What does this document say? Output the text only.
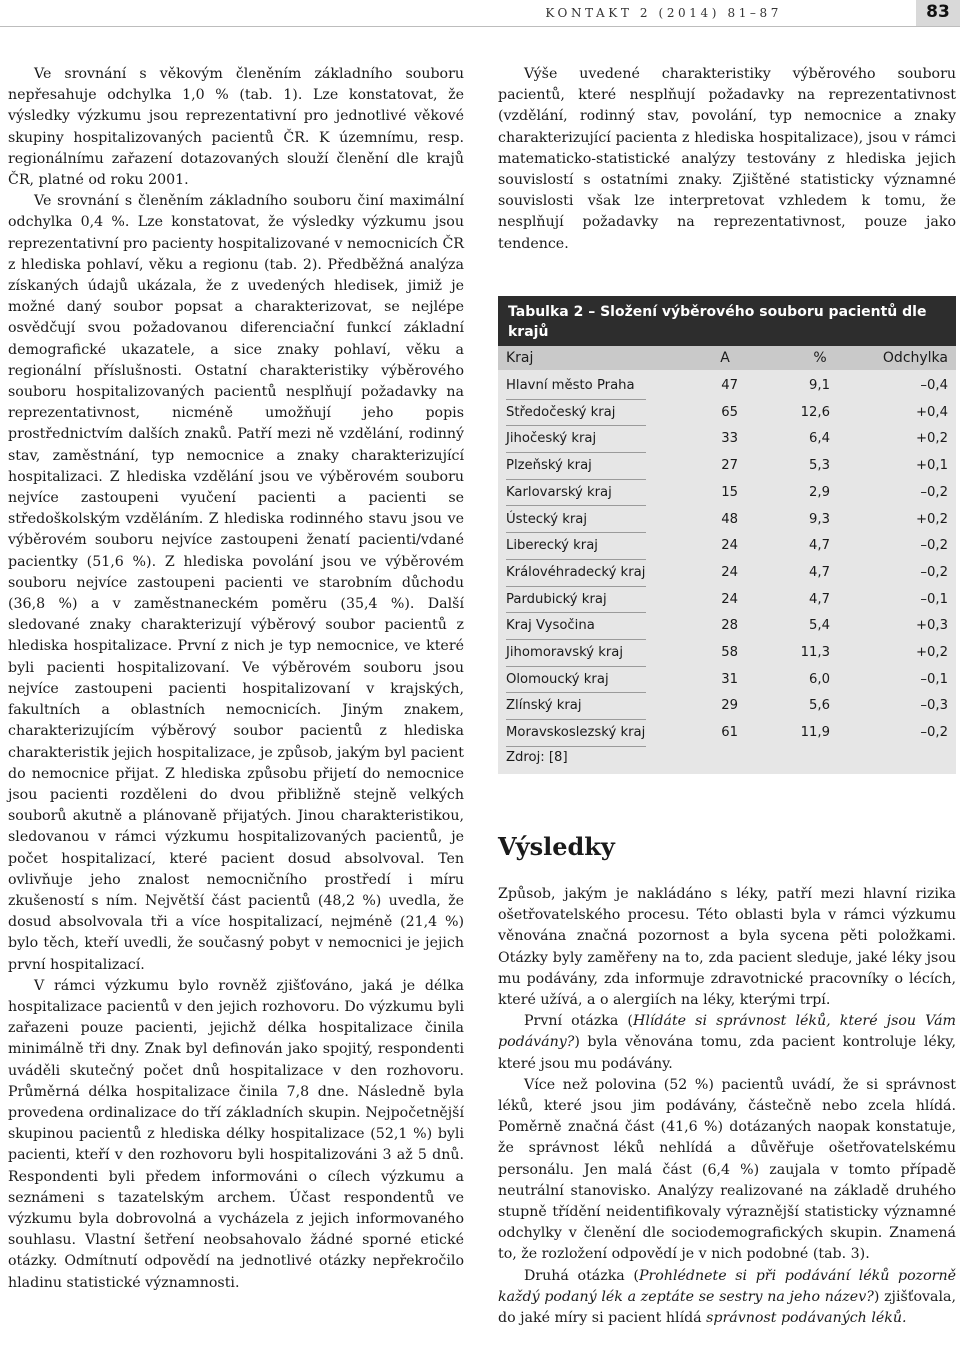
KONTAKT 2 (2014) 81–87	83

Ve srovnání s věkovým členěním základního souboru nepřesahuje odchylka 1,0 % (tab. 1). Lze konstatovat, že výsledky výzkumu jsou reprezentativní pro jednotlivé věkové skupiny hospitalizovaných pacientů ČR. K územnímu, resp. regionálnímu zařazení dotazovaných slouží členění dle krajů ČR, platné od roku 2001.

Ve srovnání s členěním základního souboru činí maximální odchylka 0,4 %. Lze konstatovat, že výsledky výzkumu jsou reprezentativní pro pacienty hospitalizované v nemocnicích ČR z hlediska pohlaví, věku a regionu (tab. 2). Předběžná analýza získaných údajů ukázala, že z uvedených hledisek, jimiž je možné daný soubor popsat a charakterizovat, se nejlépe osvědčují svou požadovanou diferenciační funkcí základní demografické ukazatele, a sice znaky pohlaví, věku a regionální příslušnosti. Ostatní charakteristiky výběrového souboru hospitalizovaných pacientů nesplňují požadavky na reprezentativnost, nicméně umožňují jeho popis prostřednictvím dalších znaků. Patří mezi ně vzdělání, rodinný stav, zaměstnání, typ nemocnice a znaky charakterizující hospitalizaci. Z hlediska vzdělání jsou ve výběrovém souboru nejvíce zastoupeni vyučení pacienti a pacienti se středoškolským vzděláním. Z hlediska rodinného stavu jsou ve výběrovém souboru nejvíce zastoupeni ženatí pacienti/vdané pacientky (51,6 %). Z hlediska povolání jsou ve výběrovém souboru nejvíce zastoupeni pacienti ve starobním důchodu (36,8 %) a v zaměstnaneckém poměru (35,4 %). Další sledované znaky charakterizují výběrový soubor pacientů z hlediska hospitalizace. První z nich je typ nemocnice, ve které byli pacienti hospitalizovaní. Ve výběrovém souboru jsou nejvíce zastoupeni pacienti hospitalizovaní v krajských, fakultních a oblastních nemocnicích. Jiným znakem, charakterizujícím výběrový soubor pacientů z hlediska charakteristik jejich hospitalizace, je způsob, jakým byl pacient do nemocnice přijat. Z hlediska způsobu přijetí do nemocnice jsou pacienti rozděleni do dvou přibližně stejně velkých souborů akutně a plánovaně přijatých. Jinou charakteristikou, sledovanou v rámci výzkumu hospitalizovaných pacientů, je počet hospitalizací, které pacient dosud absolvoval. Ten ovlivňuje jeho znalost nemocničního prostředí i míru zkušeností s ním. Největší část pacientů (48,2 %) uvedla, že dosud absolvovala tři a více hospitalizací, nejméně (21,4 %) bylo těch, kteří uvedli, že současný pobyt v nemocnici je jejich první hospitalizací.

V rámci výzkumu bylo rovněž zjišťováno, jaká je délka hospitalizace pacientů v den jejich rozhovoru. Do výzkumu byli zařazeni pouze pacienti, jejichž délka hospitalizace činila minimálně tři dny. Znak byl definován jako spojitý, respondenti uváděli skutečný počet dnů hospitalizace v den rozhovoru. Průměrná délka hospitalizace činila 7,8 dne. Následně byla provedena ordinalizace do tří základních skupin. Nejpočetnější skupinou pacientů z hlediska délky hospitalizace (52,1 %) byli pacienti, kteří v den rozhovoru byli hospitalizováni 3 až 5 dnů. Respondenti byli předem informováni o cílech výzkumu a seznámeni s tazatelským archem. Účast respondentů ve výzkumu byla dobrovolná a vycházela z jejich informovaného souhlasu. Vlastní šetření neobsahovalo žádné sporné etické otázky. Odmítnutí odpovědí na jednotlivé otázky nepřekročilo hladinu statistické významnosti.

Výše uvedené charakteristiky výběrového souboru pacientů, které nesplňují požadavky na reprezentativnost (vzdělání, rodinný stav, povolání, typ nemocnice a znaky charakterizující pacienta z hlediska hospitalizace), jsou v rámci matematicko-statistické analýzy testovány z hlediska jejich souvislostí s ostatními znaky. Zjištěné statisticky významné souvislosti však lze interpretovat vzhledem k tomu, že nesplňují požadavky na reprezentativnost, pouze jako tendence.

Tabulka 2 – Složení výběrového souboru pacientů dle krajů
Kraj	A	%	Odchylka
Hlavní město Praha	47	9,1	–0,4
Středočeský kraj	65	12,6	+0,4
Jihočeský kraj	33	6,4	+0,2
Plzeňský kraj	27	5,3	+0,1
Karlovarský kraj	15	2,9	–0,2
Ústecký kraj	48	9,3	+0,2
Liberecký kraj	24	4,7	–0,2
Královéhradecký kraj	24	4,7	–0,2
Pardubický kraj	24	4,7	–0,1
Kraj Vysočina	28	5,4	+0,3
Jihomoravský kraj	58	11,3	+0,2
Olomoucký kraj	31	6,0	–0,1
Zlínský kraj	29	5,6	–0,3
Moravskoslezský kraj	61	11,9	–0,2
Zdroj: [8]
Výsledky

Způsob, jakým je nakládáno s léky, patří mezi hlavní rizika ošetřovatelského procesu. Této oblasti byla v rámci výzkumu věnována značná pozornost a byla sycena pěti položkami. Otázky byly zaměřeny na to, zda pacient sleduje, jaké léky jsou mu podávány, zda informuje zdravotnické pracovníky o lécích, které užívá, a o alergiích na léky, kterými trpí.

První otázka (Hlídáte si správnost léků, které jsou Vám podávány?) byla věnována tomu, zda pacient kontroluje léky, které jsou mu podávány.

Více než polovina (52 %) pacientů uvádí, že si správnost léků, které jsou jim podávány, částečně nebo zcela hlídá. Poměrně značná část (41,6 %) dotázaných naopak konstatuje, že správnost léků nehlídá a důvěřuje ošetřovatelskému personálu. Jen malá část (6,4 %) zaujala v tomto případě neutrální stanovisko. Analýzy realizované na základě druhého stupně třídění neidentifikovaly výraznější statisticky významné odchylky v členění dle sociodemografických skupin. Znamená to, že rozložení odpovědí je v nich podobné (tab. 3).

Druhá otázka (Prohlédnete si při podávání léků pozorně každý podaný lék a zeptáte se sestry na jeho název?) zjišťovala, do jaké míry si pacient hlídá správnost podávaných léků.
